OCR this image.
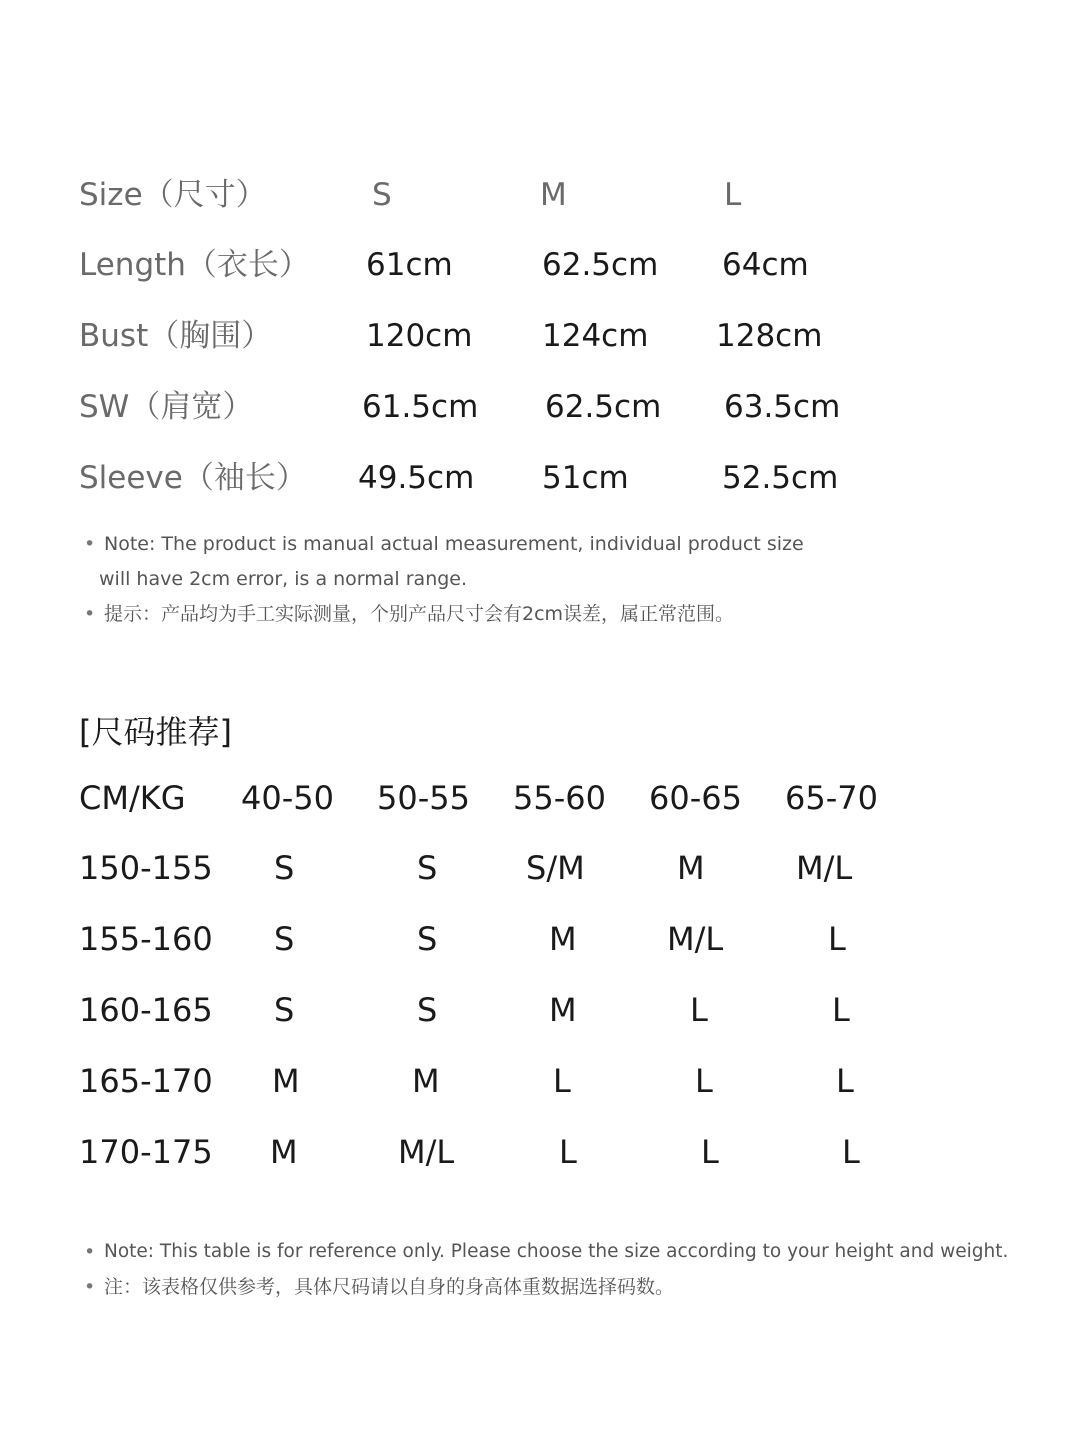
Size（尺寸）	S	M	L
Length（衣长） 61cm	62.5cm 64cm
Bust（胸围）	120cm 124cm 128cm
SW（肩宽）	61.5cm 62.5cm 63.5cm
Sleeve（袖长） 49.5cm 51cm	52.5cm
• Note: The product is manual actual measurement, individual product size
will have 2cm error, is a normal range.
• 提示：产品均为手工实际测量，个别产品尺寸会有2cm误差，属正常范围。
[尺码推荐]
CM/KG 40-50 50-55 55-60 60-65 65-70
150-155 S	S	S/M	M	M/L
155-160 S	S	M	M/L	L
160-165 S	S	M	L	L
165-170 M	M	L	L	L
170-175 M	M/L	L	L	L
• Note: This table is for reference only. Please choose the size according to your height and weight.
• 注：该表格仅供参考，具体尺码请以自身的身高体重数据选择码数。
